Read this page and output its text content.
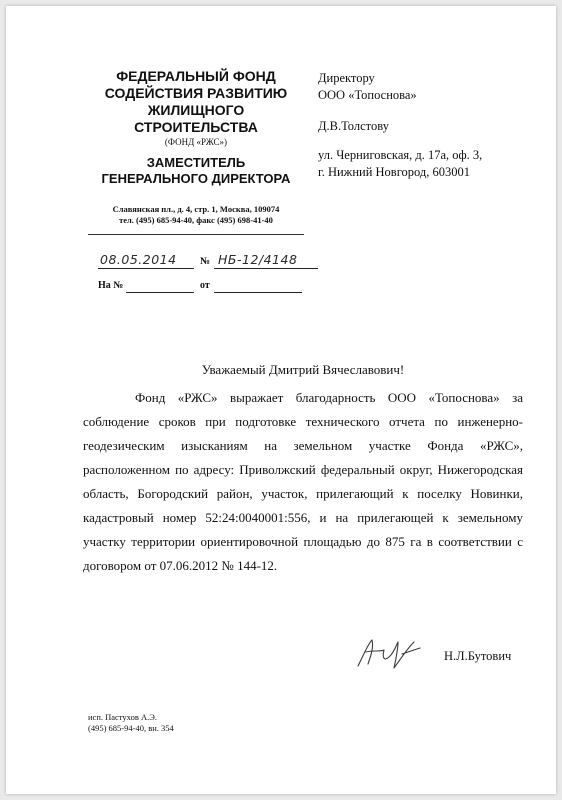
ФЕДЕРАЛЬНЫЙ ФОНД
СОДЕЙСТВИЯ РАЗВИТИЮ
ЖИЛИЩНОГО
СТРОИТЕЛЬСТВА
(ФОНД «РЖС»)
ЗАМЕСТИТЕЛЬ
ГЕНЕРАЛЬНОГО ДИРЕКТОРА
Славянская пл., д. 4, стр. 1, Москва, 109074
тел. (495) 685-94-40, факс (495) 698-41-40
Директору
ООО «Топоснова»
Д.В.Толстову
ул. Черниговская, д. 17а, оф. 3,
г. Нижний Новгород, 603001
08.05.2014 № НБ-12/4148
На №	от
Уважаемый Дмитрий Вячеславович!

Фонд «РЖС» выражает благодарность ООО «Топоснова» за соблюдение сроков при подготовке технического отчета по инженерно-геодезическим изысканиям на земельном участке Фонда «РЖС», расположенном по адресу: Приволжский федеральный округ, Нижегородская область, Богородский район, участок, прилегающий к поселку Новинки, кадастровый номер 52:24:0040001:556, и на прилегающей к земельному участку территории ориентировочной площадью до 875 га в соответствии с договором от 07.06.2012 № 144-12.

Н.Л.Бутович
исп. Пастухов А.Э.
(495) 685-94-40, вн. 354
